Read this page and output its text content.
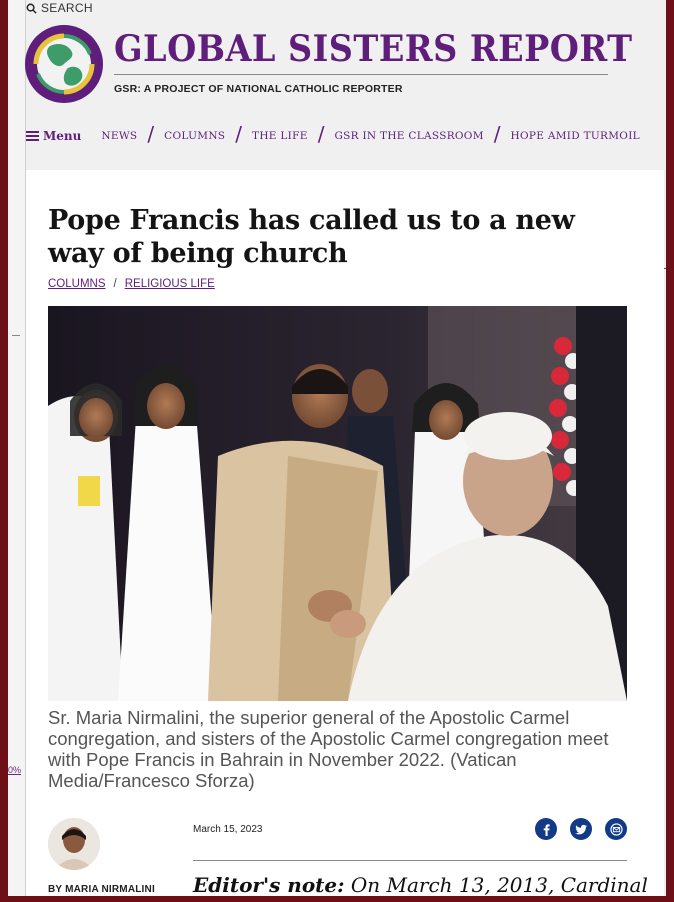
0%
SEARCH
GLOBAL SISTERS REPORT
GSR: A PROJECT OF NATIONAL CATHOLIC REPORTER
Menu NEWS / COLUMNS / THE LIFE / GSR IN THE CLASSROOM / HOPE AMID TURMOIL
Pope Francis has called us to a new way of being church
COLUMNS / RELIGIOUS LIFE

Sr. Maria Nirmalini, the superior general of the Apostolic Carmel congregation, and sisters of the Apostolic Carmel congregation meet with Pope Francis in Bahrain in November 2022. (Vatican Media/Francesco Sforza)

BY MARIA NIRMALINI
March 15, 2023
Editor's note: On March 13, 2013, Cardinal
